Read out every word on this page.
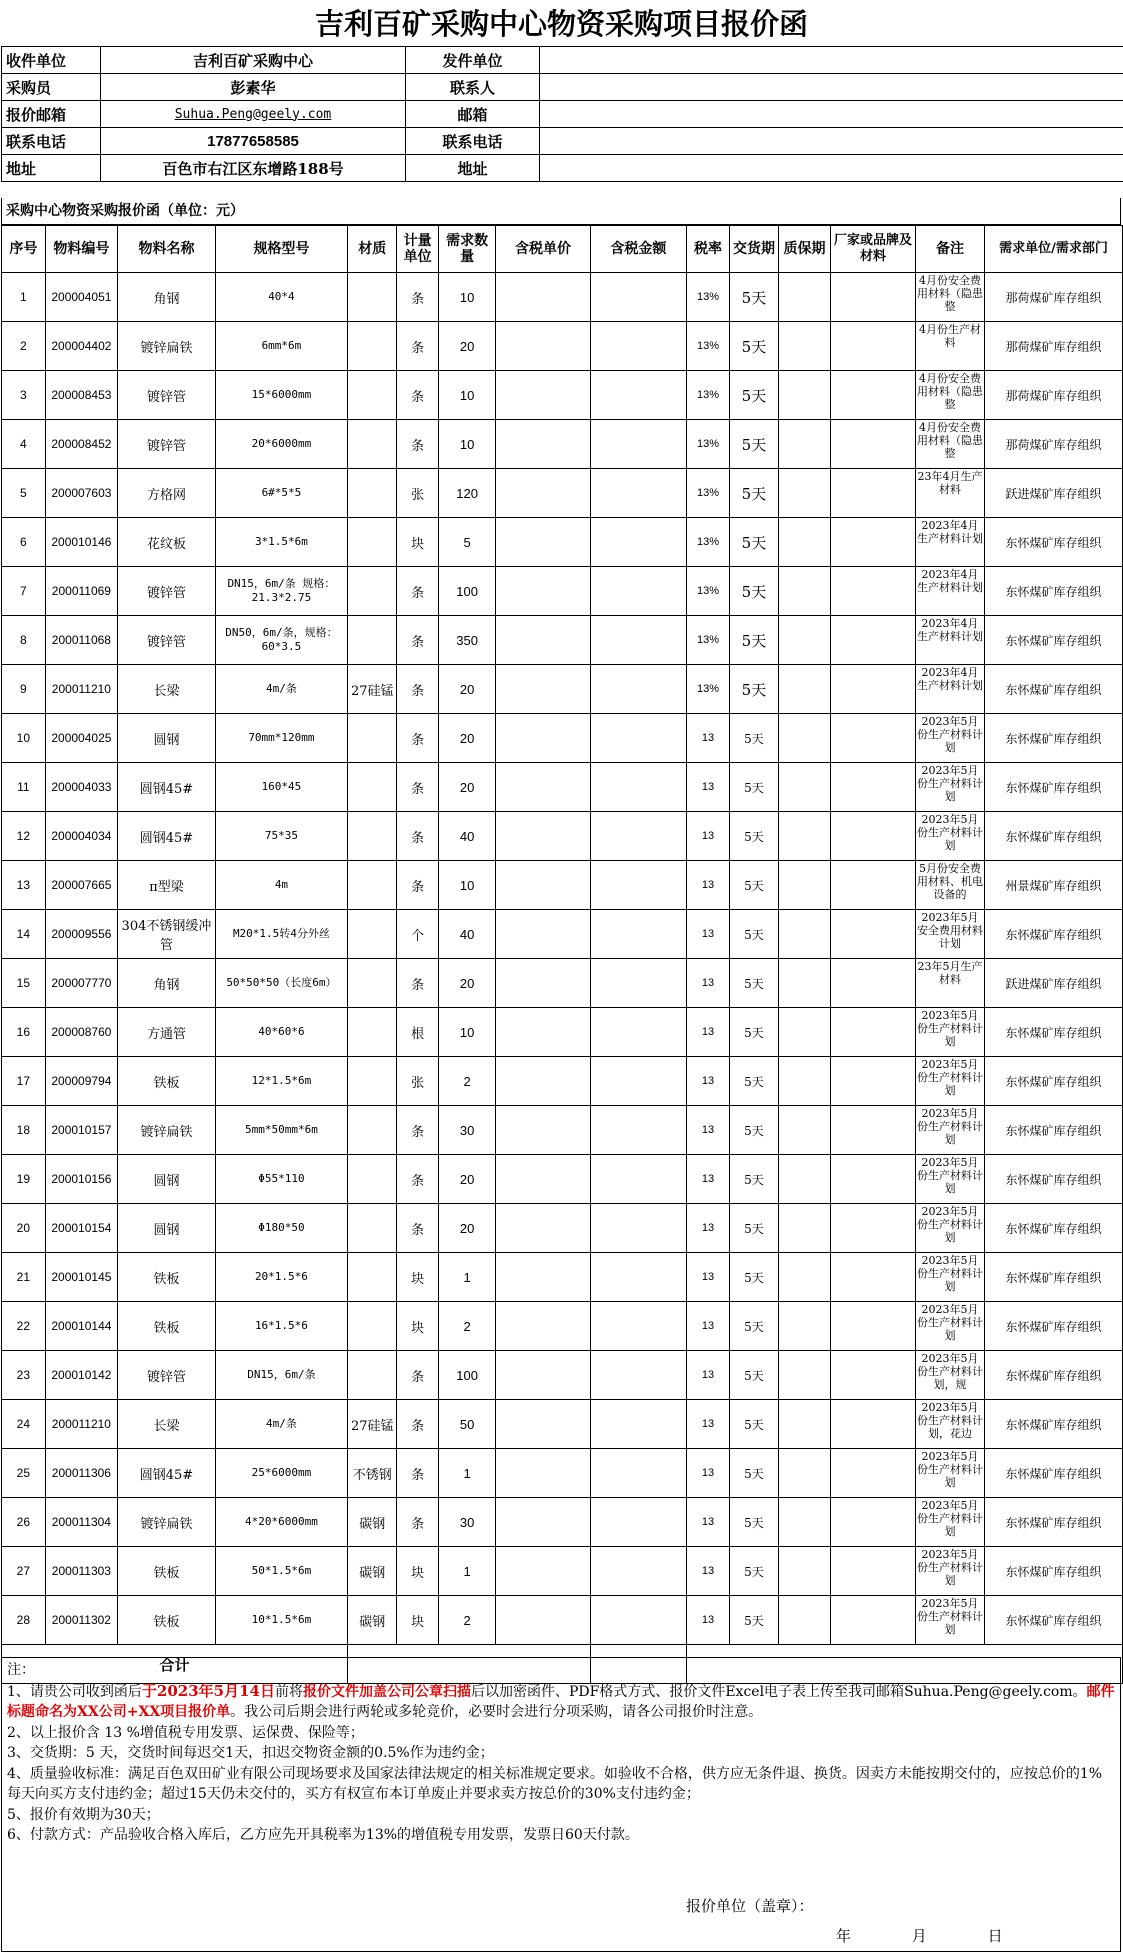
吉利百矿采购中心物资采购项目报价函
收件单位	吉利百矿采购中心	发件单位	
采购员	彭素华	联系人	
报价邮箱	Suhua.Peng@geely.com	邮箱	
联系电话	17877658585	联系电话	
地址	百色市右江区东增路188号	地址	
采购中心物资采购报价函（单位：元）
序号	物料编号	物料名称	规格型号	材质	计量单位	需求数量	含税单价	含税金额	税率	交货期	质保期	厂家或品牌及材料	备注	需求单位/需求部门
1	200004051	角钢	40*4		条	10			13%	5天			4月份安全费用材料（隐患整	那荷煤矿库存组织
2	200004402	镀锌扁铁	6mm*6m		条	20			13%	5天			4月份生产材料	那荷煤矿库存组织
3	200008453	镀锌管	15*6000mm		条	10			13%	5天			4月份安全费用材料（隐患整	那荷煤矿库存组织
4	200008452	镀锌管	20*6000mm		条	10			13%	5天			4月份安全费用材料（隐患整	那荷煤矿库存组织
5	200007603	方格网	6#*5*5		张	120			13%	5天			23年4月生产材料	跃进煤矿库存组织
6	200010146	花纹板	3*1.5*6m		块	5			13%	5天			2023年4月生产材料计划	东怀煤矿库存组织
7	200011069	镀锌管	DN15，6m/条 规格：21.3*2.75		条	100			13%	5天			2023年4月生产材料计划	东怀煤矿库存组织
8	200011068	镀锌管	DN50，6m/条，规格：60*3.5		条	350			13%	5天			2023年4月生产材料计划	东怀煤矿库存组织
9	200011210	长梁	4m/条	27硅锰	条	20			13%	5天			2023年4月生产材料计划	东怀煤矿库存组织
10	200004025	圆钢	70mm*120mm		条	20			13	5天			2023年5月份生产材料计划	东怀煤矿库存组织
11	200004033	圆钢45#	160*45		条	20			13	5天			2023年5月份生产材料计划	东怀煤矿库存组织
12	200004034	圆钢45#	75*35		条	40			13	5天			2023年5月份生产材料计划	东怀煤矿库存组织
13	200007665	π型梁	4m		条	10			13	5天			5月份安全费用材料、机电设备的	州景煤矿库存组织
14	200009556	304不锈钢缓冲管	M20*1.5转4分外丝		个	40			13	5天			2023年5月安全费用材料计划	东怀煤矿库存组织
15	200007770	角钢	50*50*50（长度6m）		条	20			13	5天			23年5月生产材料	跃进煤矿库存组织
16	200008760	方通管	40*60*6		根	10			13	5天			2023年5月份生产材料计划	东怀煤矿库存组织
17	200009794	铁板	12*1.5*6m		张	2			13	5天			2023年5月份生产材料计划	东怀煤矿库存组织
18	200010157	镀锌扁铁	5mm*50mm*6m		条	30			13	5天			2023年5月份生产材料计划	东怀煤矿库存组织
19	200010156	圆钢	Φ55*110		条	20			13	5天			2023年5月份生产材料计划	东怀煤矿库存组织
20	200010154	圆钢	Φ180*50		条	20			13	5天			2023年5月份生产材料计划	东怀煤矿库存组织
21	200010145	铁板	20*1.5*6		块	1			13	5天			2023年5月份生产材料计划	东怀煤矿库存组织
22	200010144	铁板	16*1.5*6		块	2			13	5天			2023年5月份生产材料计划	东怀煤矿库存组织
23	200010142	镀锌管	DN15，6m/条		条	100			13	5天			2023年5月份生产材料计划，规	东怀煤矿库存组织
24	200011210	长梁	4m/条	27硅锰	条	50			13	5天			2023年5月份生产材料计划，花边	东怀煤矿库存组织
25	200011306	圆钢45#	25*6000mm	不锈钢	条	1			13	5天			2023年5月份生产材料计划	东怀煤矿库存组织
26	200011304	镀锌扁铁	4*20*6000mm	碳钢	条	30			13	5天			2023年5月份生产材料计划	东怀煤矿库存组织
27	200011303	铁板	50*1.5*6m	碳钢	块	1			13	5天			2023年5月份生产材料计划	东怀煤矿库存组织
28	200011302	铁板	10*1.5*6m	碳钢	块	2			13	5天			2023年5月份生产材料计划	东怀煤矿库存组织
合计														

注：

1、请贵公司收到函后于2023年5月14日前将报价文件加盖公司公章扫描后以加密函件、PDF格式方式、报价文件Excel电子表上传至我司邮箱Suhua.Peng@geely.com。邮件标题命名为XX公司+XX项目报价单。我公司后期会进行两轮或多轮竞价，必要时会进行分项采购，请各公司报价时注意。

2、以上报价含 13 %增值税专用发票、运保费、保险等；

3、交货期：5 天，交货时间每迟交1天，扣迟交物资金额的0.5%作为违约金；

4、质量验收标准：满足百色双田矿业有限公司现场要求及国家法律法规定的相关标准规定要求。如验收不合格，供方应无条件退、换货。因卖方未能按期交付的，应按总价的1%每天向买方支付违约金；超过15天仍未交付的，买方有权宣布本订单废止并要求卖方按总价的30%支付违约金；

5、报价有效期为30天；

6、付款方式：产品验收合格入库后，乙方应先开具税率为13%的增值税专用发票，发票日60天付款。

报价单位（盖章）：
年	月	日
